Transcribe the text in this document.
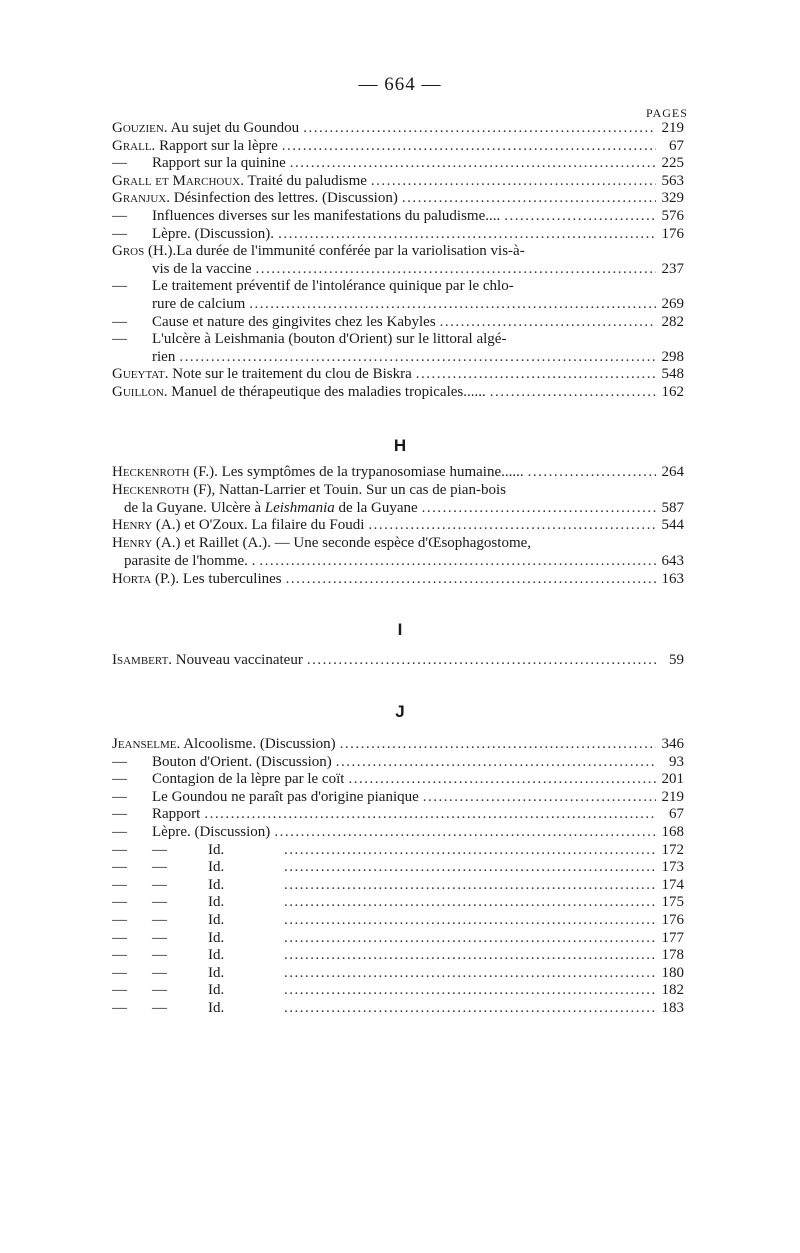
— 664 —
PAGES
Gouzien. Au sujet du Goundou .....	219
Grall. Rapport sur la lèpre .....	67
— Rapport sur la quinine .....	225
Grall et Marchoux. Traité du paludisme .....	563
Granjux. Désinfection des lettres. (Discussion) .....	329
— Influences diverses sur les manifestations du paludisme.... .....	576
— Lèpre. (Discussion). .....	176
Gros (H.).La durée de l'immunité conférée par la variolisation vis-à-
vis de la vaccine .....	237
— Le traitement préventif de l'intolérance quinique par le chlo-
rure de calcium .....	269
— Cause et nature des gingivites chez les Kabyles .....	282
— L'ulcère à Leishmania (bouton d'Orient) sur le littoral algé-
rien .....	298
Gueytat. Note sur le traitement du clou de Biskra .....	548
Guillon. Manuel de thérapeutique des maladies tropicales...... .....	162
H
Heckenroth (F.). Les symptômes de la trypanosomiase humaine...... .....	264
Heckenroth (F), Nattan-Larrier et Touin. Sur un cas de pian-bois
de la Guyane. Ulcère à Leishmania de la Guyane .....	587
Henry (A.) et O'Zoux. La filaire du Foudi .....	544
Henry (A.) et Raillet (A.). — Une seconde espèce d'Œsophagostome,
parasite de l'homme. . .....	643
Horta (P.). Les tuberculines .....	163
I
Isambert. Nouveau vaccinateur .....	59
J
Jeanselme. Alcoolisme. (Discussion) .....	346
— Bouton d'Orient. (Discussion) .....	93
— Contagion de la lèpre par le coït .....	201
— Le Goundou ne paraît pas d'origine pianique .....	219
— Rapport .....	67
— Lèpre. (Discussion) .....	168
— —	Id. .....	172
— —	Id. .....	173
— —	Id. .....	174
— —	Id. .....	175
— —	Id. .....	176
— —	Id. .....	177
— —	Id. .....	178
— —	Id. .....	180
— —	Id. .....	182
— —	Id. .....	183
